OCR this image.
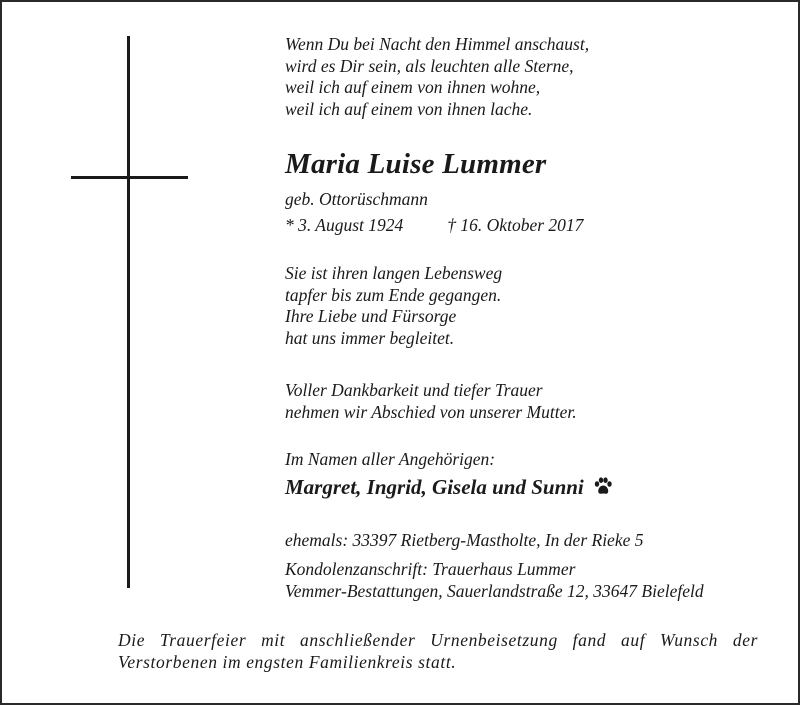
Wenn Du bei Nacht den Himmel anschaust,
wird es Dir sein, als leuchten alle Sterne,
weil ich auf einem von ihnen wohne,
weil ich auf einem von ihnen lache.
Maria Luise Lummer
geb. Ottorüschmann
* 3. August 1924	† 16. Oktober 2017
Sie ist ihren langen Lebensweg
tapfer bis zum Ende gegangen.
Ihre Liebe und Fürsorge
hat uns immer begleitet.
Voller Dankbarkeit und tiefer Trauer
nehmen wir Abschied von unserer Mutter.
Im Namen aller Angehörigen:
Margret, Ingrid, Gisela und Sunni
ehemals: 33397 Rietberg-Mastholte, In der Rieke 5
Kondolenzanschrift: Trauerhaus Lummer
Vemmer-Bestattungen, Sauerlandstraße 12, 33647 Bielefeld
Die Trauerfeier mit anschließender Urnenbeisetzung fand auf Wunsch der
Verstorbenen im engsten Familienkreis statt.
